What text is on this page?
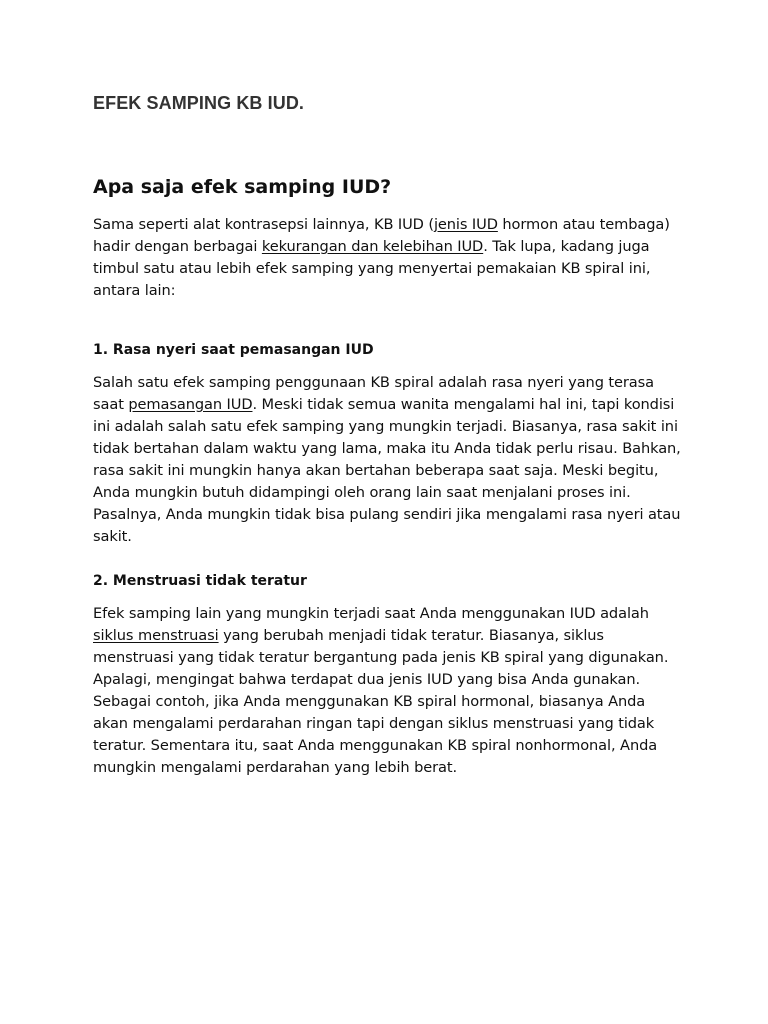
EFEK SAMPING KB IUD.
Apa saja efek samping IUD?

Sama seperti alat kontrasepsi lainnya, KB IUD (jenis IUD hormon atau tembaga) hadir dengan berbagai kekurangan dan kelebihan IUD. Tak lupa, kadang juga timbul satu atau lebih efek samping yang menyertai pemakaian KB spiral ini, antara lain:

1. Rasa nyeri saat pemasangan IUD

Salah satu efek samping penggunaan KB spiral adalah rasa nyeri yang terasa saat pemasangan IUD. Meski tidak semua wanita mengalami hal ini, tapi kondisi ini adalah salah satu efek samping yang mungkin terjadi. Biasanya, rasa sakit ini tidak bertahan dalam waktu yang lama, maka itu Anda tidak perlu risau. Bahkan, rasa sakit ini mungkin hanya akan bertahan beberapa saat saja. Meski begitu, Anda mungkin butuh didampingi oleh orang lain saat menjalani proses ini. Pasalnya, Anda mungkin tidak bisa pulang sendiri jika mengalami rasa nyeri atau sakit.

2. Menstruasi tidak teratur

Efek samping lain yang mungkin terjadi saat Anda menggunakan IUD adalah siklus menstruasi yang berubah menjadi tidak teratur. Biasanya, siklus menstruasi yang tidak teratur bergantung pada jenis KB spiral yang digunakan. Apalagi, mengingat bahwa terdapat dua jenis IUD yang bisa Anda gunakan.

Sebagai contoh, jika Anda menggunakan KB spiral hormonal, biasanya Anda akan mengalami perdarahan ringan tapi dengan siklus menstruasi yang tidak teratur. Sementara itu, saat Anda menggunakan KB spiral nonhormonal, Anda mungkin mengalami perdarahan yang lebih berat.
